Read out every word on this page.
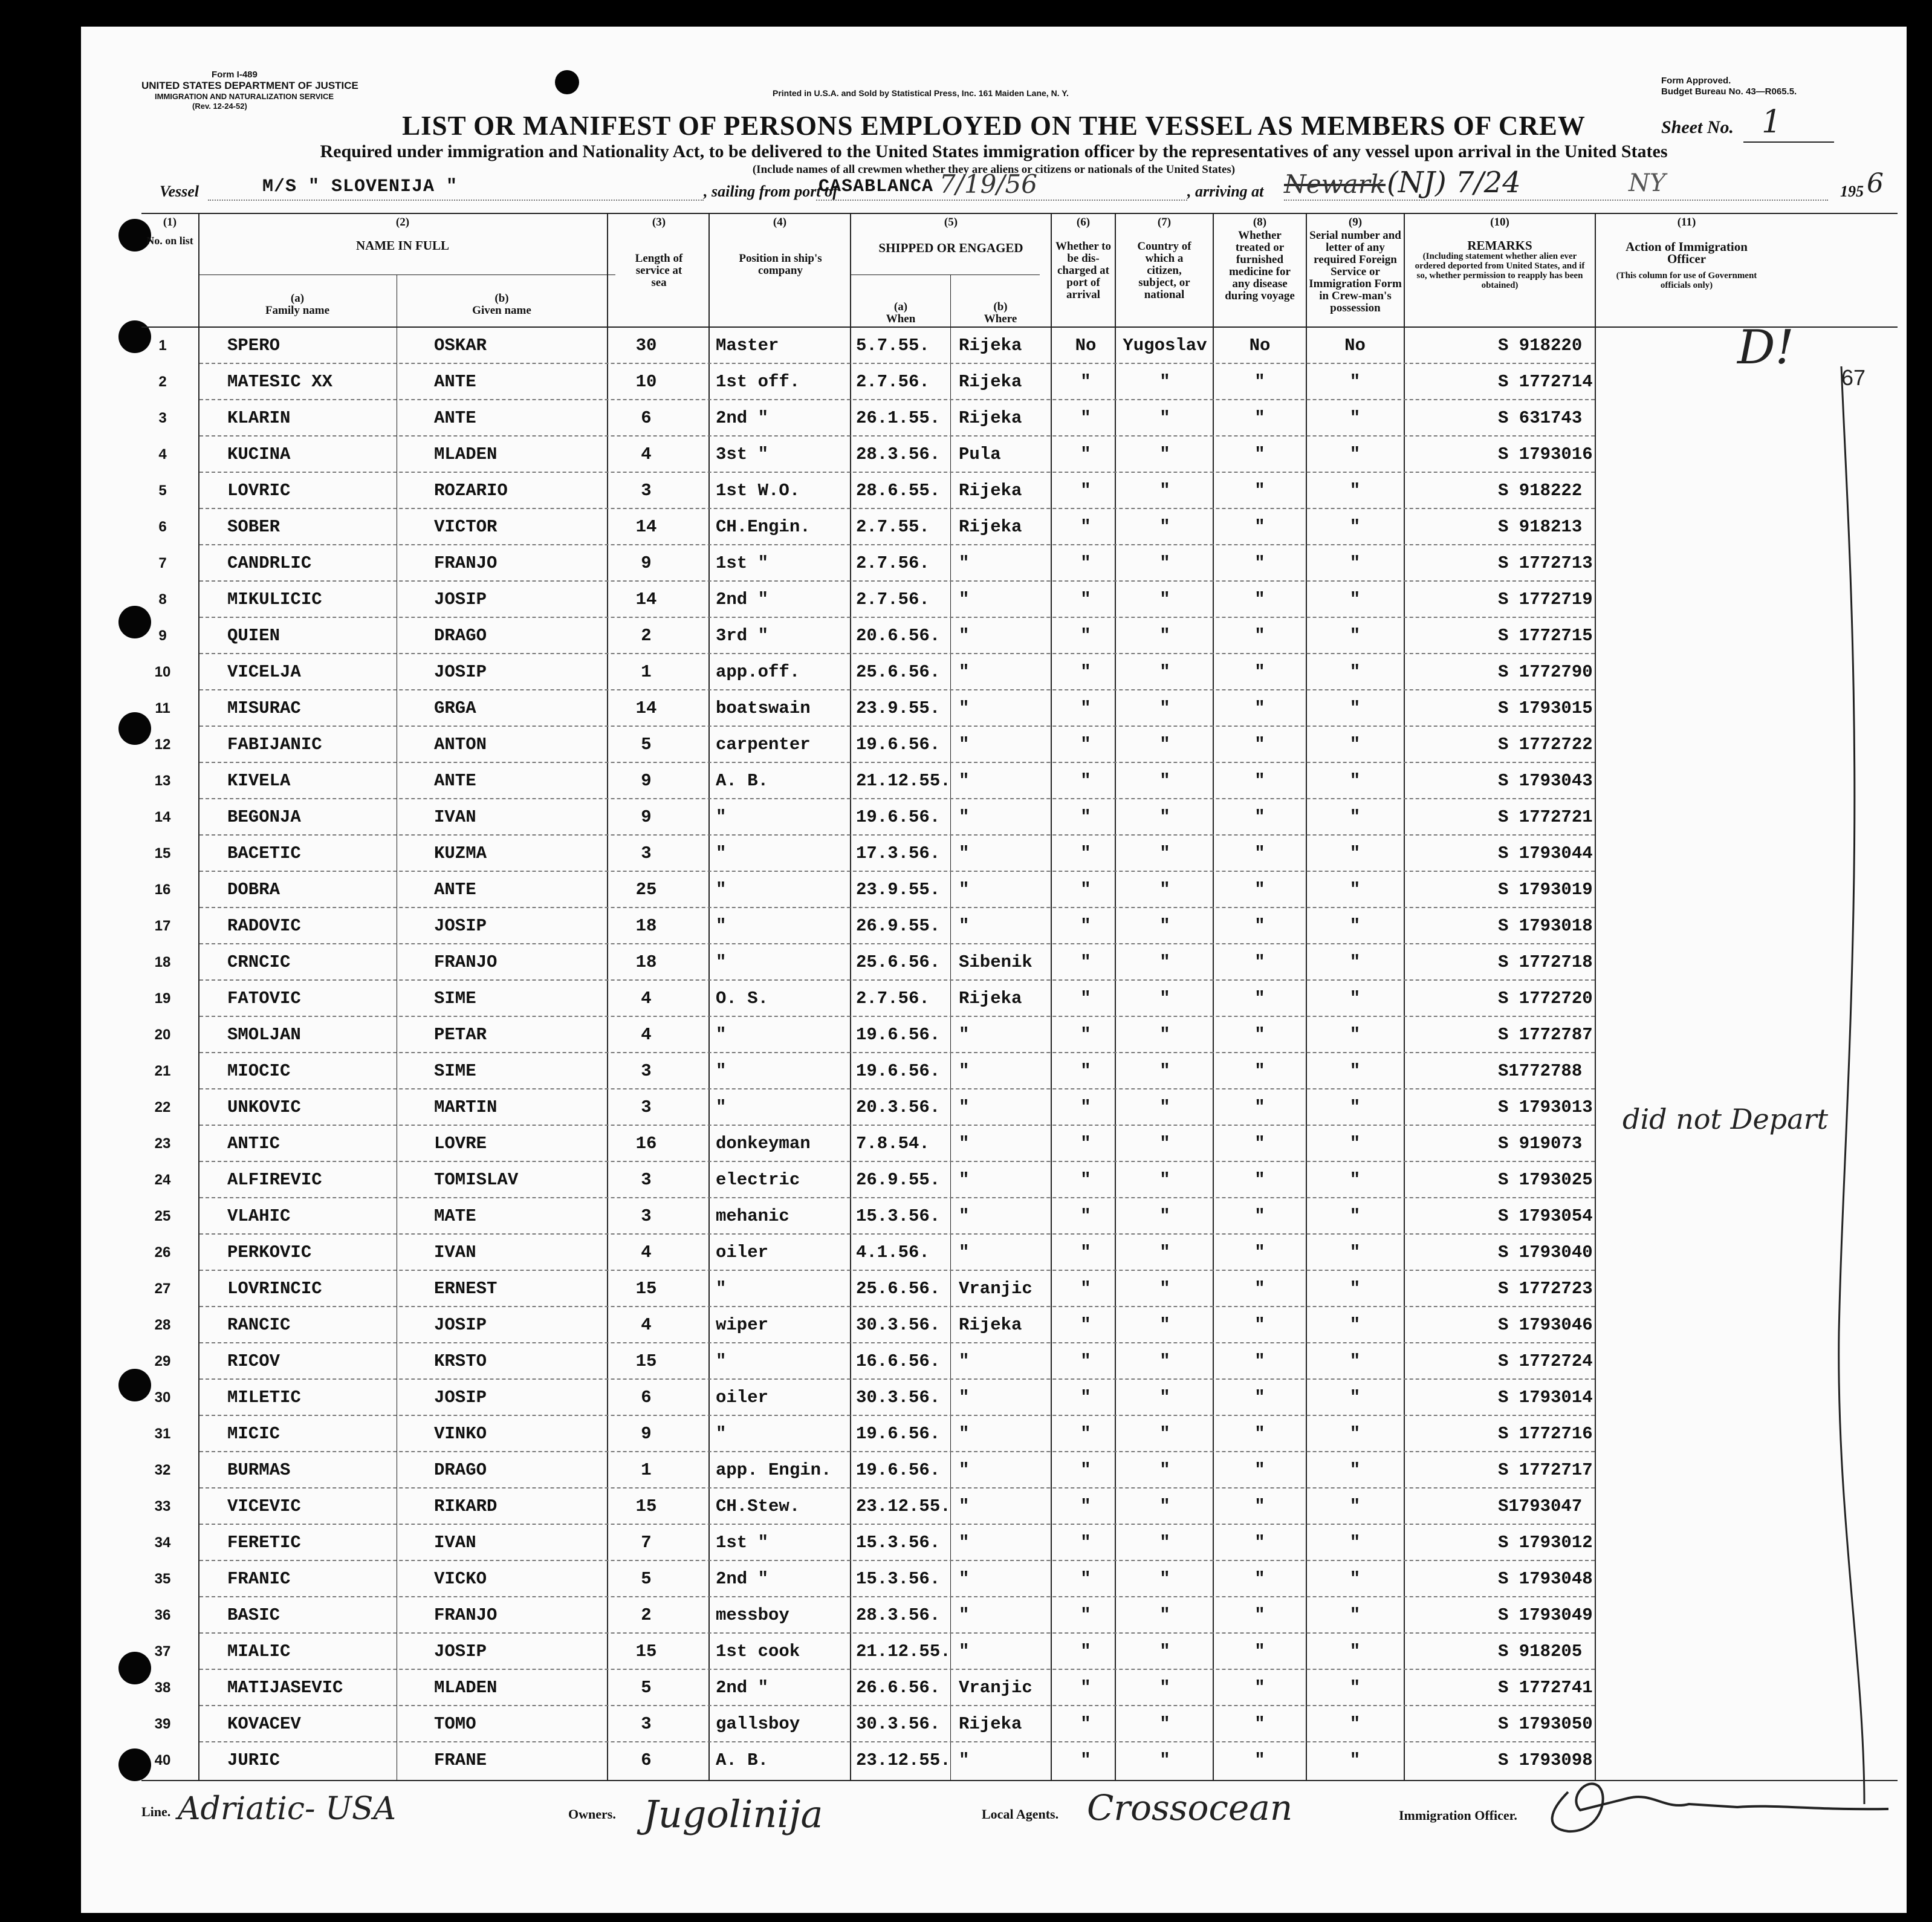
Form I-489
UNITED STATES DEPARTMENT OF JUSTICE
IMMIGRATION AND NATURALIZATION SERVICE
(Rev. 12-24-52)
Printed in U.S.A. and Sold by Statistical Press, Inc. 161 Maiden Lane, N. Y.
Form Approved.
Budget Bureau No. 43—R065.5.
LIST OR MANIFEST OF PERSONS EMPLOYED ON THE VESSEL AS MEMBERS OF CREW	Sheet No. 1
Required under immigration and Nationality Act, to be delivered to the United States immigration officer by the representatives of any vessel upon arrival in the United States
(Include names of all crewmen whether they are aliens or citizens or nationals of the United States)
Vessel	M/S " SLOVENIJA "	, sailing from port of
CASABLANCA 7/19/56	, arriving at Newark (NJ) 7/24	NY	195 6
(1)
No. on list
(2)
NAME IN FULL
(a)
Family name
(b)
Given name
(3)
Length of service at sea
(4)
Position in ship's company
(5)
SHIPPED OR ENGAGED
(a)
When
(b)
Where
(6)
Whether to be dis-charged at port of arrival
(7)
Country of which a citizen, subject, or national
(8)
Whether treated or furnished medicine for any disease during voyage
(9)
Serial number and letter of any required Foreign Service or Immigration Form in Crew-man's possession
(10)
REMARKS
(Including statement whether alien ever ordered deported from United States, and if so, whether permission to reapply has been obtained)
(11)
Action of Immigration Officer
(This column for use of Government officials only)
1	SPERO	OSKAR	30	Master	5.7.55. Rijeka	No	Yugoslav	No	No	S 918220
2	MATESIC XX	ANTE	10	1st off.	2.7.56. Rijeka	"	"	"	"	S 1772714
3	KLARIN	ANTE	6	2nd "	26.1.55. Rijeka	"	"	"	"	S 631743
4	KUCINA	MLADEN	4	3st "	28.3.56. Pula	"	"	"	"	S 1793016
5	LOVRIC	ROZARIO	3	1st W.O.	28.6.55. Rijeka	"	"	"	"	S 918222
6	SOBER	VICTOR	14	CH.Engin.	2.7.55. Rijeka	"	"	"	"	S 918213
7	CANDRLIC	FRANJO	9	1st "	2.7.56. "	"	"	"	"	S 1772713
8	MIKULICIC	JOSIP	14	2nd "	2.7.56. "	"	"	"	"	S 1772719
9	QUIEN	DRAGO	2	3rd "	20.6.56. "	"	"	"	"	S 1772715
10	VICELJA	JOSIP	1	app.off.	25.6.56. "	"	"	"	"	S 1772790
11	MISURAC	GRGA	14	boatswain	23.9.55. "	"	"	"	"	S 1793015
12	FABIJANIC	ANTON	5	carpenter	19.6.56. "	"	"	"	"	S 1772722
13	KIVELA	ANTE	9	A. B.	21.12.55. "	"	"	"	"	S 1793043
14	BEGONJA	IVAN	9	"	19.6.56. "	"	"	"	"	S 1772721
15	BACETIC	KUZMA	3	"	17.3.56. "	"	"	"	"	S 1793044
16	DOBRA	ANTE	25	"	23.9.55. "	"	"	"	"	S 1793019
17	RADOVIC	JOSIP	18	"	26.9.55. "	"	"	"	"	S 1793018
18	CRNCIC	FRANJO	18	"	25.6.56. Sibenik	"	"	"	"	S 1772718
19	FATOVIC	SIME	4	O. S.	2.7.56. Rijeka	"	"	"	"	S 1772720
20	SMOLJAN	PETAR	4	"	19.6.56. "	"	"	"	"	S 1772787
21	MIOCIC	SIME	3	"	19.6.56. "	"	"	"	"	S1772788
22	UNKOVIC	MARTIN	3	"	20.3.56. "	"	"	"	"	S 1793013
23	ANTIC	LOVRE	16	donkeyman	7.8.54. "	"	"	"	"	S 919073
24	ALFIREVIC	TOMISLAV	3	electric	26.9.55. "	"	"	"	"	S 1793025
25	VLAHIC	MATE	3	mehanic	15.3.56. "	"	"	"	"	S 1793054
26	PERKOVIC	IVAN	4	oiler	4.1.56. "	"	"	"	"	S 1793040
27	LOVRINCIC	ERNEST	15	"	25.6.56. Vranjic	"	"	"	"	S 1772723
28	RANCIC	JOSIP	4	wiper	30.3.56. Rijeka	"	"	"	"	S 1793046
29	RICOV	KRSTO	15	"	16.6.56. "	"	"	"	"	S 1772724
30	MILETIC	JOSIP	6	oiler	30.3.56. "	"	"	"	"	S 1793014
31	MICIC	VINKO	9	"	19.6.56. "	"	"	"	"	S 1772716
32	BURMAS	DRAGO	1	app. Engin. 19.6.56. "	"	"	"	"	S 1772717
33	VICEVIC	RIKARD	15	CH.Stew.	23.12.55. "	"	"	"	"	S1793047
34	FERETIC	IVAN	7	1st "	15.3.56. "	"	"	"	"	S 1793012
35	FRANIC	VICKO	5	2nd "	15.3.56. "	"	"	"	"	S 1793048
36	BASIC	FRANJO	2	messboy	28.3.56. "	"	"	"	"	S 1793049
37	MIALIC	JOSIP	15	1st cook	21.12.55. "	"	"	"	"	S 918205
38	MATIJASEVIC	MLADEN	5	2nd "	26.6.56. Vranjic	"	"	"	"	S 1772741
39	KOVACEV	TOMO	3	gallsboy	30.3.56. Rijeka	"	"	"	"	S 1793050
40	JURIC	FRANE	6	A. B.	23.12.55. "	"	"	"	"	S 1793098
D!
67
did not Depart
Line. Adriatic- USA	Owners. Jugolinija	Local Agents. Crossocean	Immigration Officer.
